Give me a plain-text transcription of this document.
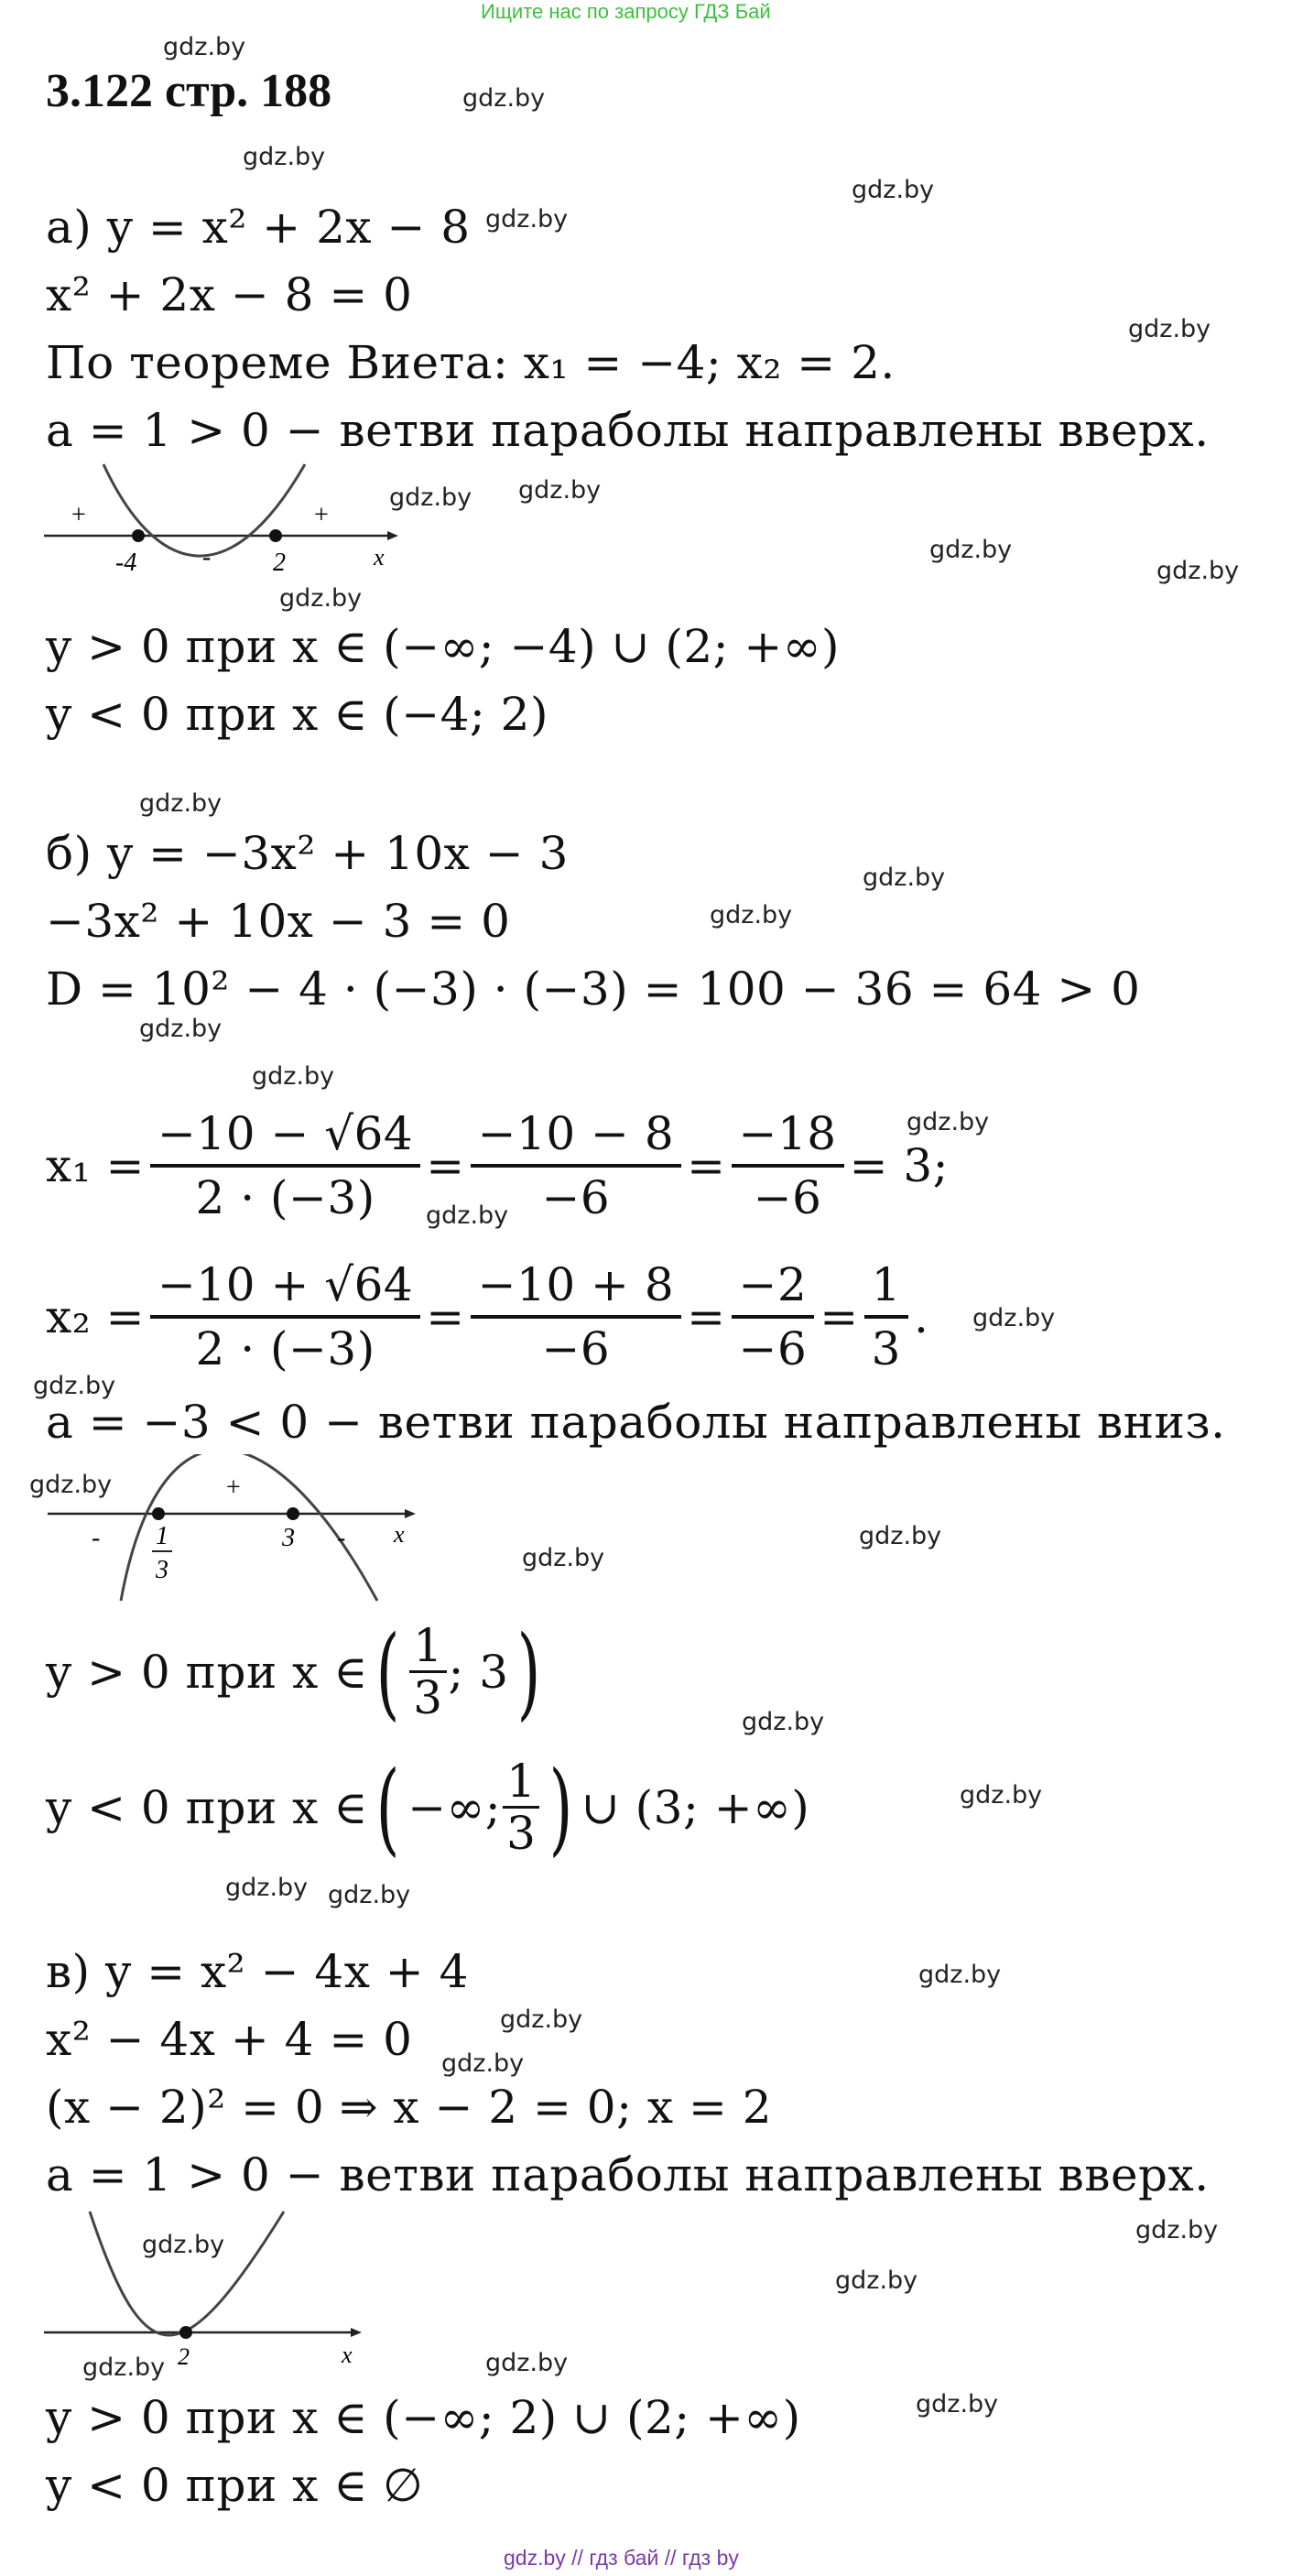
Ищите нас по запросу ГДЗ Бай
3.122 стр. 188
gdz.by
gdz.by
gdz.by
gdz.by
gdz.by
gdz.by
gdz.by gdz.by
gdz.by
gdz.by
gdz.by
gdz.by
gdz.by
gdz.by
gdz.by
gdz.by
gdz.by
gdz.by
gdz.by
gdz.by
gdz.by
gdz.by
gdz.by
gdz.by
gdz.by
gdz.by gdz.by
gdz.by
gdz.by
gdz.by
gdz.by
gdz.by
gdz.by
gdz.by	gdz.by
gdz.by
а) y = x² + 2x − 8
x² + 2x − 8 = 0
По теореме Виета: x₁ = −4; x₂ = 2.
a = 1 > 0 − ветви параболы направлены вверх.
+
-
+
-4	2	x
y > 0 при x ∈ (−∞; −4) ∪ (2; +∞)
y < 0 при x ∈ (−4; 2)
б) y = −3x² + 10x − 3
−3x² + 10x − 3 = 0
D = 10² − 4 · (−3) · (−3) = 100 − 36 = 64 > 0
$x_1 = \frac{-10 - √64}{2 \cdot (-3)} = \frac{-10 - 8}{-6} = \frac{-18}{-6} = 3$;
$x_2 = \frac{-10 + √64}{2 \cdot (-3)} = \frac{-10 + 8}{-6} = \frac{-2}{-6} = \frac{1}{3}$ .
a = −3 < 0 − ветви параболы направлены вниз.
+
-	-
1
3
3	x
y > 0 при x ∈ ( $\frac{1}{3}$ ; 3 )
y < 0 при x ∈ ( −∞; $\frac{1}{3}$ ) ∪ (3; +∞)
в) y = x² − 4x + 4
x² − 4x + 4 = 0
(x − 2)² = 0 ⇒ x − 2 = 0; x = 2
a = 1 > 0 − ветви параболы направлены вверх.
2	x
y > 0 при x ∈ (−∞; 2) ∪ (2; +∞)
y < 0 при x ∈ ∅
gdz.by // гдз бай // гдз by
